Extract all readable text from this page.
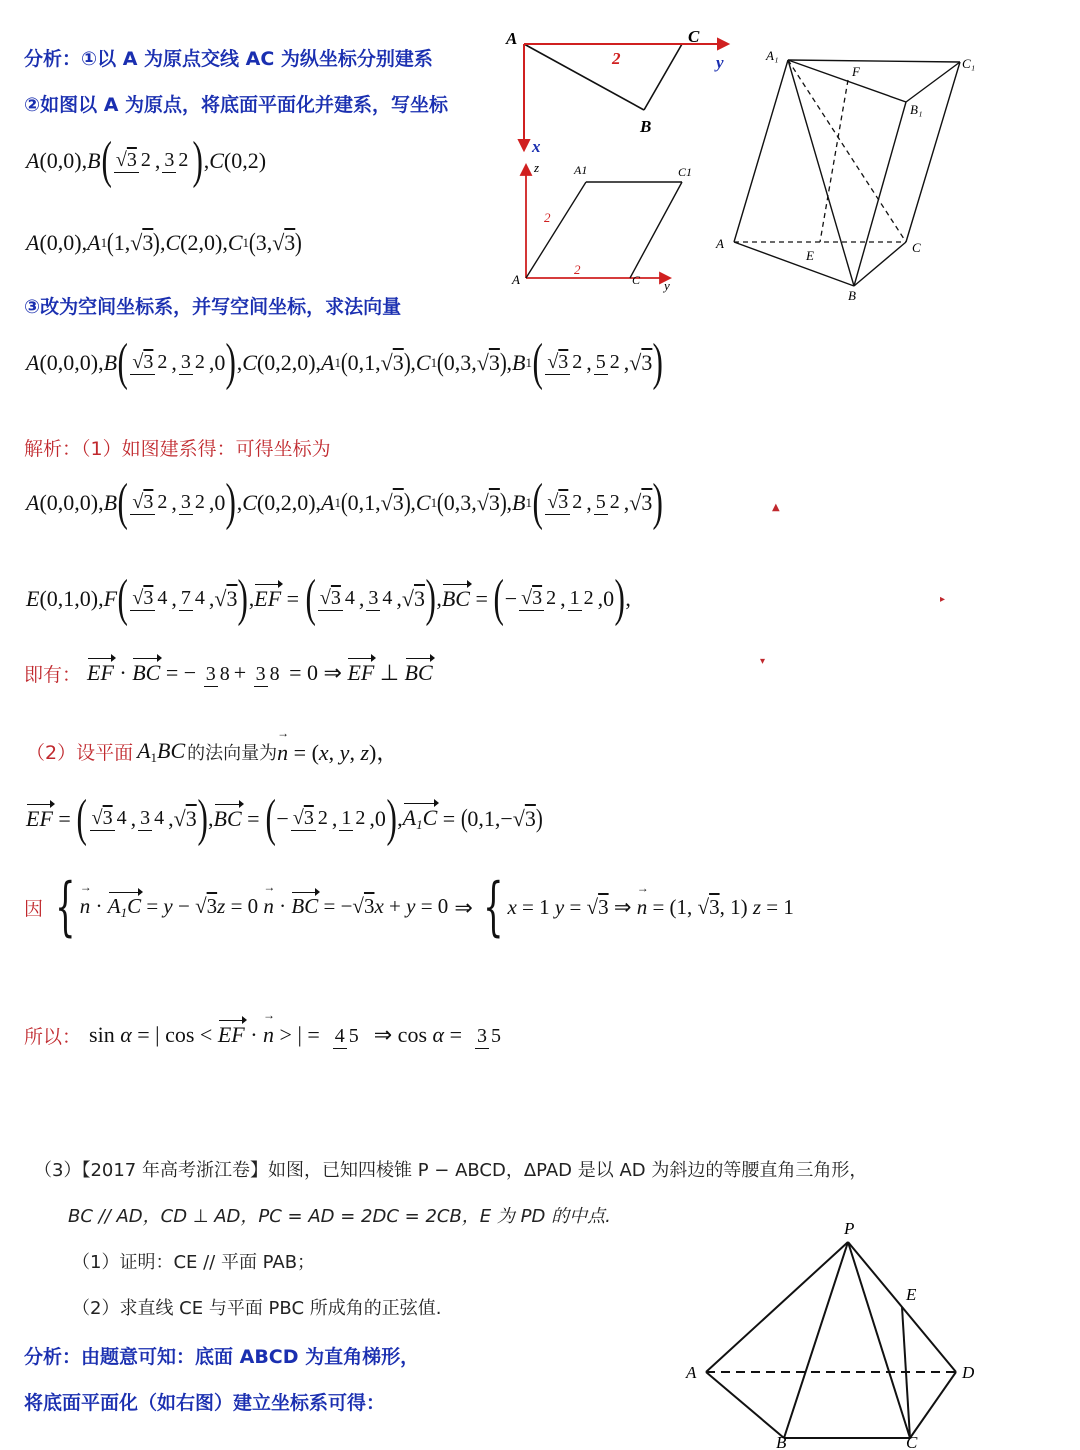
分析：①以 A 为原点交线 AC 为纵坐标分别建系
②如图以 A 为原点，将底面平面化并建系，写坐标
A (0,0), B ( √3 2 , 3 2 ) , C (0,2)
A (0,0), A 1 ( 1,√3 ) , C (2,0), C 1 ( 3,√3 )
③改为空间坐标系，并写空间坐标，求法向量
A (0,0,0), B ( √3 2 , 3 2 ,0 ) , C (0,2,0), A 1 ( 0,1,√3 ) , C 1 ( 0,3,√3 ) , B 1 ( √3 2 , 5 2 ,√3 )
解析：（1）如图建系得：可得坐标为
A (0,0,0), B ( √3 2 , 3 2 ,0 ) , C (0,2,0), A 1 ( 0,1,√3 ) , C 1 ( 0,3,√3 ) , B 1 ( √3 2 , 5 2 ,√3 )
E (0,1,0), F ( √3 4 , 7 4 ,√3 ) , EF = ( √3 4 , 3 4 ,√3 ) , BC = ( − √3 2 , 1 2 ,0 ) ,
即有： EF · BC = − 3 8 + 3 8 = 0 ⇒ EF ⊥ BC
（2）设平面 A1BC 的法向量为 n → = (x, y, z)，
EF = ( √3 4 , 3 4 ,√3 ) , BC = ( − √3 2 , 1 2 ,0 ) , A1C = ( 0,1,−√3 )
因 { n → · A1C = y − √3z = 0 n → · BC = −√3x + y = 0 ⇒ { x = 1 y = √3 ⇒ n → = (1, √3, 1) z = 1
所以： sin α = | cos < EF · n → > | =  4 5  ⇒ cos α =  3 5
（3）【2017 年高考浙江卷】如图，已知四棱锥 P − ABCD，ΔPAD 是以 AD 为斜边的等腰直角三角形，
BC // AD，CD ⊥ AD，PC = AD = 2DC = 2CB，E 为 PD 的中点.
（1）证明：CE // 平面 PAB；
（2）求直线 CE 与平面 PBC 所成角的正弦值.
分析：由题意可知：底面 ABCD 为直角梯形，
将底面平面化（如右图）建立坐标系可得：
▲
▸
▾
A	C
B
2	y
x
z	A1	C1
A	C y
2
2
A₁
F
C₁
B₁
A
E
C
B
P
E
A	D
B	C
